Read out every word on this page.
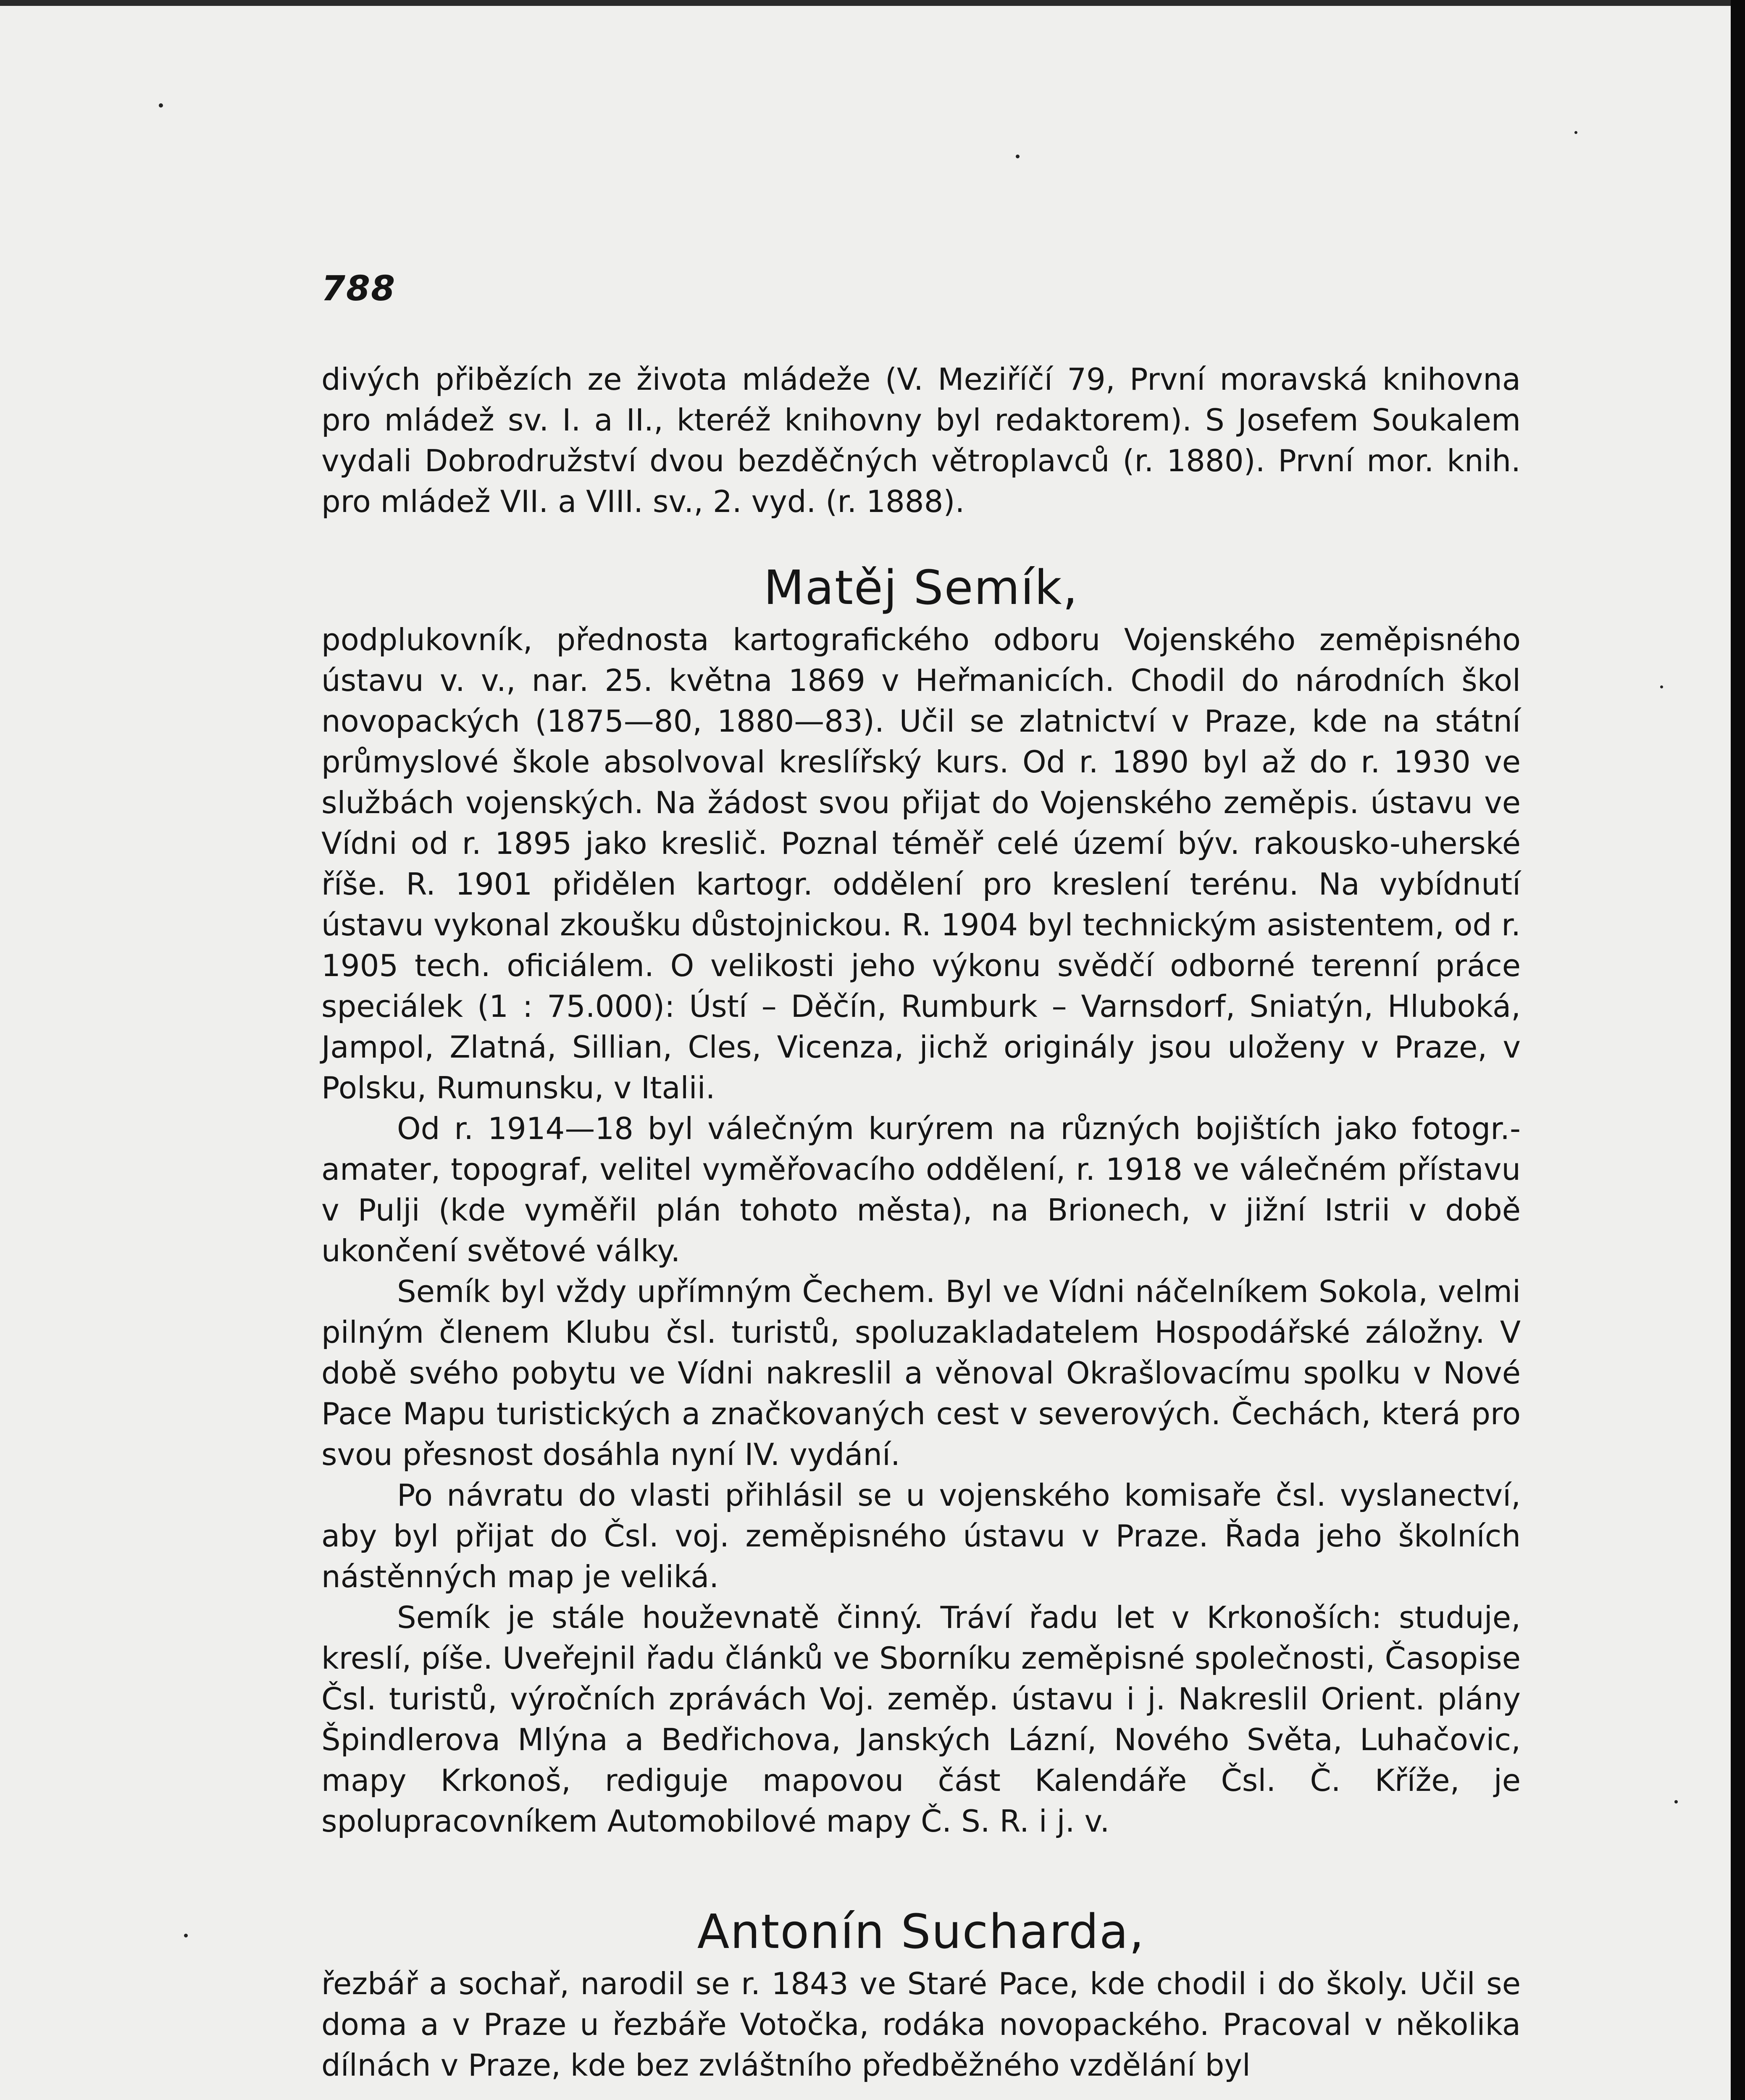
788

divých přibězích ze života mládeže (V. Meziříčí 79, První moravská knihovna pro mládež sv. I. a II., kteréž knihovny byl redaktorem). S Josefem Soukalem vydali Dobrodružství dvou bezděčných větroplavců (r. 1880). První mor. knih. pro mládež VII. a VIII. sv., 2. vyd. (r. 1888).

Matěj Semík,

podplukovník, přednosta kartografického odboru Vojenského zeměpisného ústavu v. v., nar. 25. května 1869 v Heřmanicích. Chodil do národních škol novopackých (1875—80, 1880—83). Učil se zlatnictví v Praze, kde na státní průmyslové škole absolvoval kreslířský kurs. Od r. 1890 byl až do r. 1930 ve službách vojenských. Na žádost svou přijat do Vojenského zeměpis. ústavu ve Vídni od r. 1895 jako kreslič. Poznal téměř celé území býv. rakousko-uherské říše. R. 1901 přidělen kartogr. oddělení pro kreslení terénu. Na vybídnutí ústavu vykonal zkoušku důstojnickou. R. 1904 byl technickým asistentem, od r. 1905 tech. oficiálem. O velikosti jeho výkonu svědčí odborné terenní práce speciálek (1 : 75.000): Ústí – Děčín, Rumburk – Varnsdorf, Sniatýn, Hluboká, Jampol, Zlatná, Sillian, Cles, Vicenza, jichž originály jsou uloženy v Praze, v Polsku, Rumunsku, v Italii.

Od r. 1914—18 byl válečným kurýrem na různých bojištích jako fotogr.-amater, topograf, velitel vyměřovacího oddělení, r. 1918 ve válečném přístavu v Pulji (kde vyměřil plán tohoto města), na Brionech, v jižní Istrii v době ukončení světové války.

Semík byl vždy upřímným Čechem. Byl ve Vídni náčelníkem Sokola, velmi pilným členem Klubu čsl. turistů, spoluzakladatelem Hospodářské záložny. V době svého pobytu ve Vídni nakreslil a věnoval Okrašlovacímu spolku v Nové Pace Mapu turistických a značkovaných cest v severových. Čechách, která pro svou přesnost dosáhla nyní IV. vydání.

Po návratu do vlasti přihlásil se u vojenského komisaře čsl. vyslanectví, aby byl přijat do Čsl. voj. zeměpisného ústavu v Praze. Řada jeho školních nástěnných map je veliká.

Semík je stále houževnatě činný. Tráví řadu let v Krkonoších: studuje, kreslí, píše. Uveřejnil řadu článků ve Sborníku zeměpisné společnosti, Časopise Čsl. turistů, výročních zprávách Voj. zeměp. ústavu i j. Nakreslil Orient. plány Špindlerova Mlýna a Bedřichova, Janských Lázní, Nového Světa, Luhačovic, mapy Krkonoš, rediguje mapovou část Kalendáře Čsl. Č. Kříže, je spolupracovníkem Automobilové mapy Č. S. R. i j. v.

Antonín Sucharda,

řezbář a sochař, narodil se r. 1843 ve Staré Pace, kde chodil i do školy. Učil se doma a v Praze u řezbáře Votočka, rodáka novopackého. Pracoval v několika dílnách v Praze, kde bez zvláštního předběžného vzdělání byl
